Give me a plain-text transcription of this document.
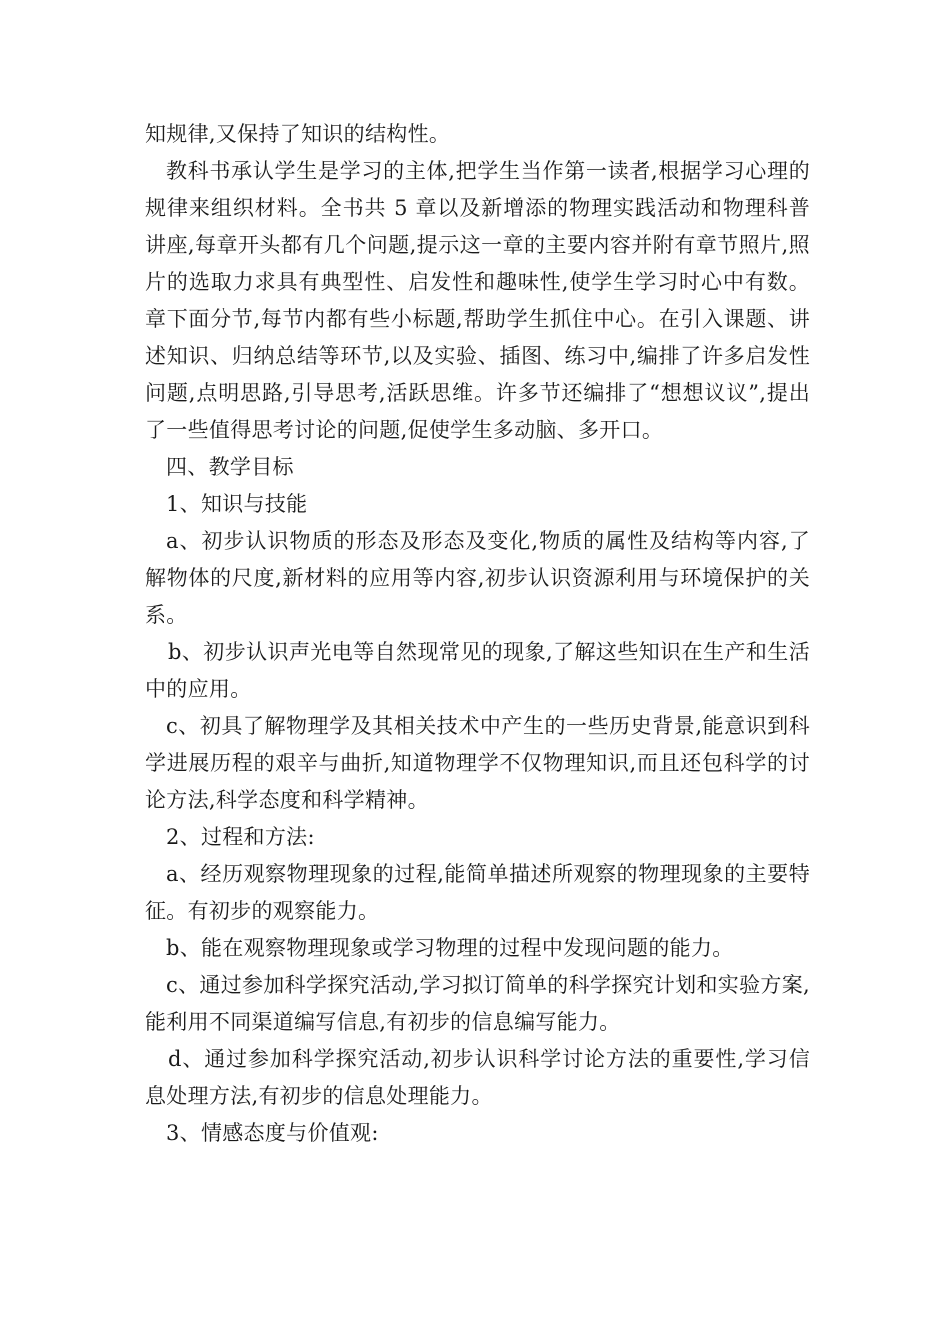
知规律,又保持了知识的结构性。

教科书承认学生是学习的主体,把学生当作第一读者,根据学习心理的规律来组织材料。全书共 5 章以及新增添的物理实践活动和物理科普讲座,每章开头都有几个问题,提示这一章的主要内容并附有章节照片,照片的选取力求具有典型性、启发性和趣味性,使学生学习时心中有数。章下面分节,每节内都有些小标题,帮助学生抓住中心。在引入课题、讲述知识、归纳总结等环节,以及实验、插图、练习中,编排了许多启发性问题,点明思路,引导思考,活跃思维。许多节还编排了“想想议议”,提出了一些值得思考讨论的问题,促使学生多动脑、多开口。

四、教学目标

1、知识与技能

a、初步认识物质的形态及形态及变化,物质的属性及结构等内容,了解物体的尺度,新材料的应用等内容,初步认识资源利用与环境保护的关系。

b、初步认识声光电等自然现常见的现象,了解这些知识在生产和生活中的应用。

c、初具了解物理学及其相关技术中产生的一些历史背景,能意识到科学进展历程的艰辛与曲折,知道物理学不仅物理知识,而且还包科学的讨论方法,科学态度和科学精神。

2、过程和方法:

a、经历观察物理现象的过程,能简单描述所观察的物理现象的主要特征。有初步的观察能力。

b、能在观察物理现象或学习物理的过程中发现问题的能力。

c、通过参加科学探究活动,学习拟订简单的科学探究计划和实验方案,能利用不同渠道编写信息,有初步的信息编写能力。

d、通过参加科学探究活动,初步认识科学讨论方法的重要性,学习信息处理方法,有初步的信息处理能力。

3、情感态度与价值观:
